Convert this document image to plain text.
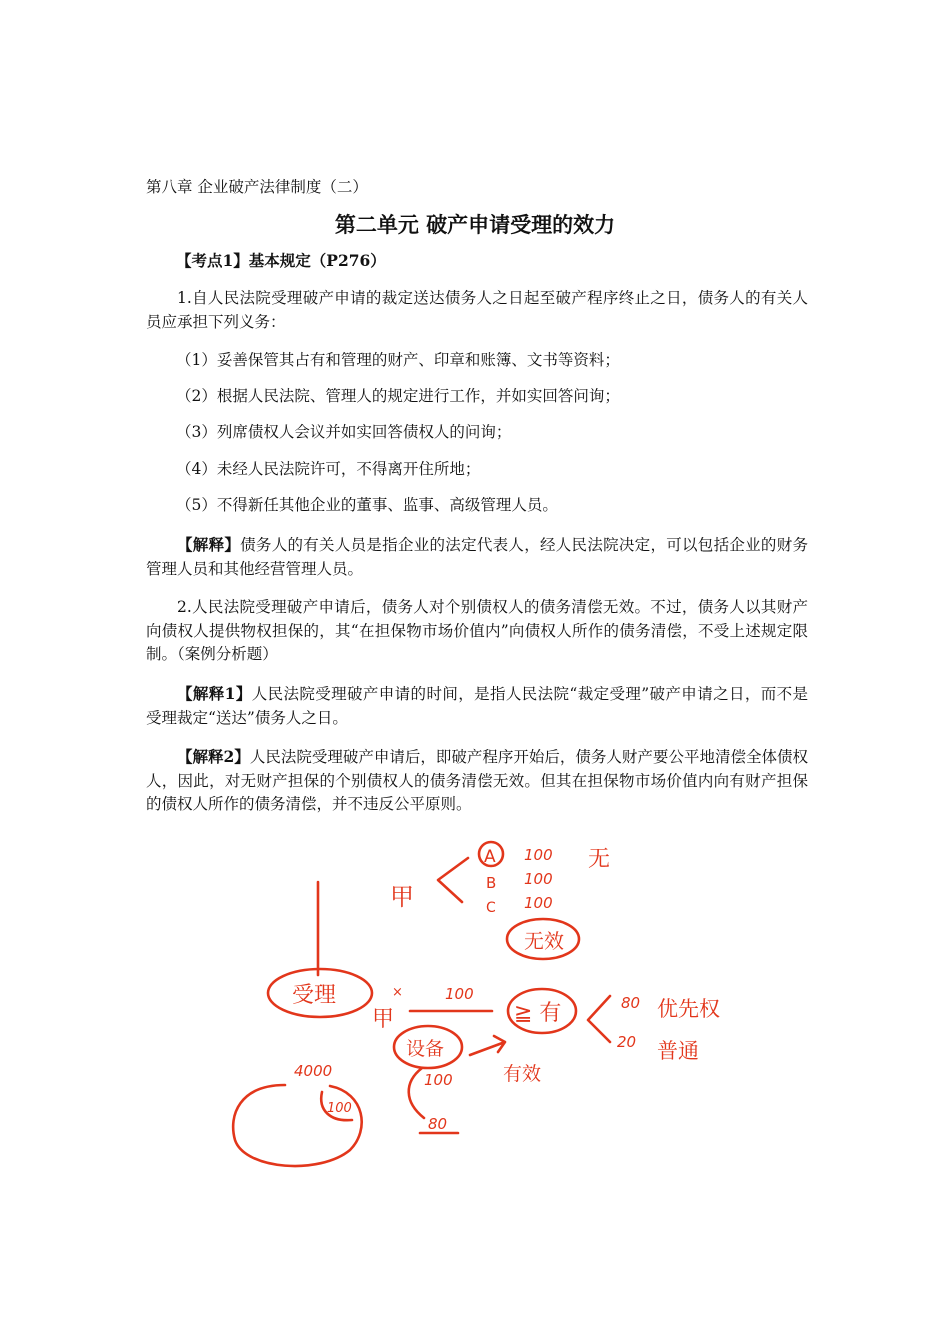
第八章 企业破产法律制度（二）
第二单元 破产申请受理的效力
【考点1】基本规定（P276）

1.自人民法院受理破产申请的裁定送达债务人之日起至破产程序终止之日，债务人的有关人员应承担下列义务：

（1）妥善保管其占有和管理的财产、印章和账簿、文书等资料；

（2）根据人民法院、管理人的规定进行工作，并如实回答问询；

（3）列席债权人会议并如实回答债权人的问询；

（4）未经人民法院许可，不得离开住所地；

（5）不得新任其他企业的董事、监事、高级管理人员。

【解释】债务人的有关人员是指企业的法定代表人，经人民法院决定，可以包括企业的财务管理人员和其他经营管理人员。

2.人民法院受理破产申请后，债务人对个别债权人的债务清偿无效。不过，债务人以其财产向债权人提供物权担保的，其“在担保物市场价值内”向债权人所作的债务清偿，不受上述规定限制。（案例分析题）

【解释1】人民法院受理破产申请的时间，是指人民法院“裁定受理”破产申请之日，而不是受理裁定“送达”债务人之日。

【解释2】人民法院受理破产申请后，即破产程序开始后，债务人财产要公平地清偿全体债权人，因此，对无财产担保的个别债权人的债务清偿无效。但其在担保物市场价值内向有财产担保的债权人所作的债务清偿，并不违反公平原则。

甲
A
B
C
100
100
100
无
无效
受理
甲
×	100
≧ 有	80 优先权
20 普通
设备
100
80
有效
4000
100
